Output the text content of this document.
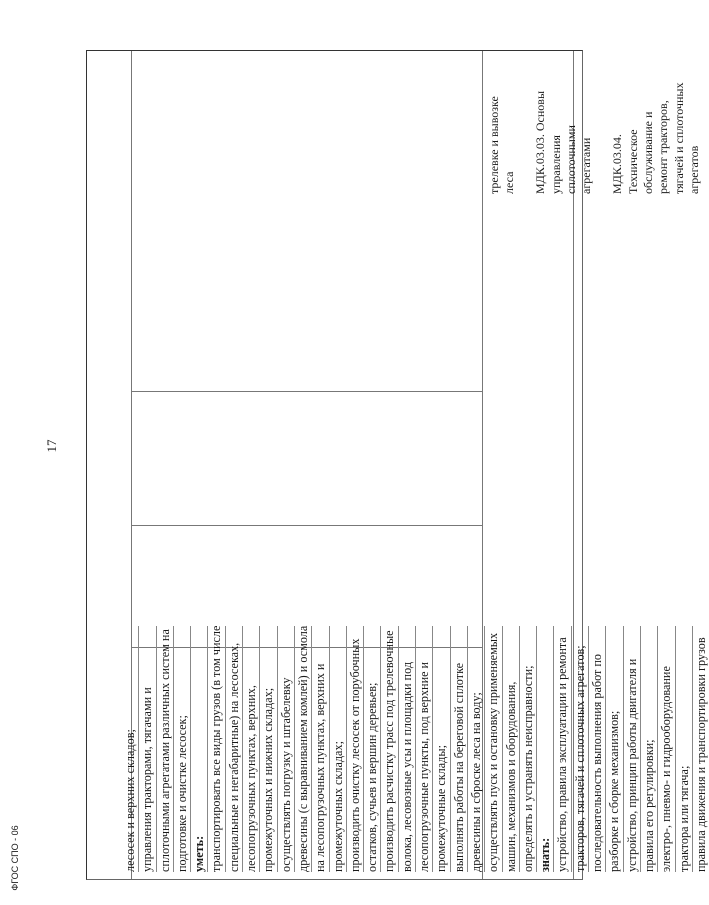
17
ФГОС СПО - 06	лесосек и верхних складов; управления тракторами, тягачами и сплоточными агрегатами различных систем на подготовке и очистке лесосек; уметь: транспортировать все виды грузов (в том числе специальные и негабаритные) на лесосеках, лесопогрузочных пунктах, верхних, промежуточных и нижних складах; осуществлять погрузку и штабелевку древесины (с выравниванием комлей) и осмола на лесопогрузочных пунктах, верхних и промежуточных складах; производить очистку лесосек от порубочных остатков, сучьев и вершин деревьев; производить расчистку трасс под трелевочные волока, лесовозные усы и площадки под лесопогрузочные пункты, под верхние и промежуточные склады; выполнять работы на береговой сплотке древесины и сброске леса на воду; осуществлять пуск и остановку применяемых машин, механизмов и оборудования, определять и устранять неисправности; знать: устройство, правила эксплуатации и ремонта тракторов, тягачей и сплоточных агрегатов; последовательность выполнения работ по разборке и сборке механизмов; устройство, принцип работы двигателя и правила его регулировки; электро-, пневмо- и гидрооборудование трактора или тягача; правила движения и транспортировки грузов
трелевке и вывозке леса МДК.03.03. Основы управления сплоточными агрегатами МДК.03.04. Техническое обслуживание и ремонт тракторов, тягачей и сплоточных агрегатов
